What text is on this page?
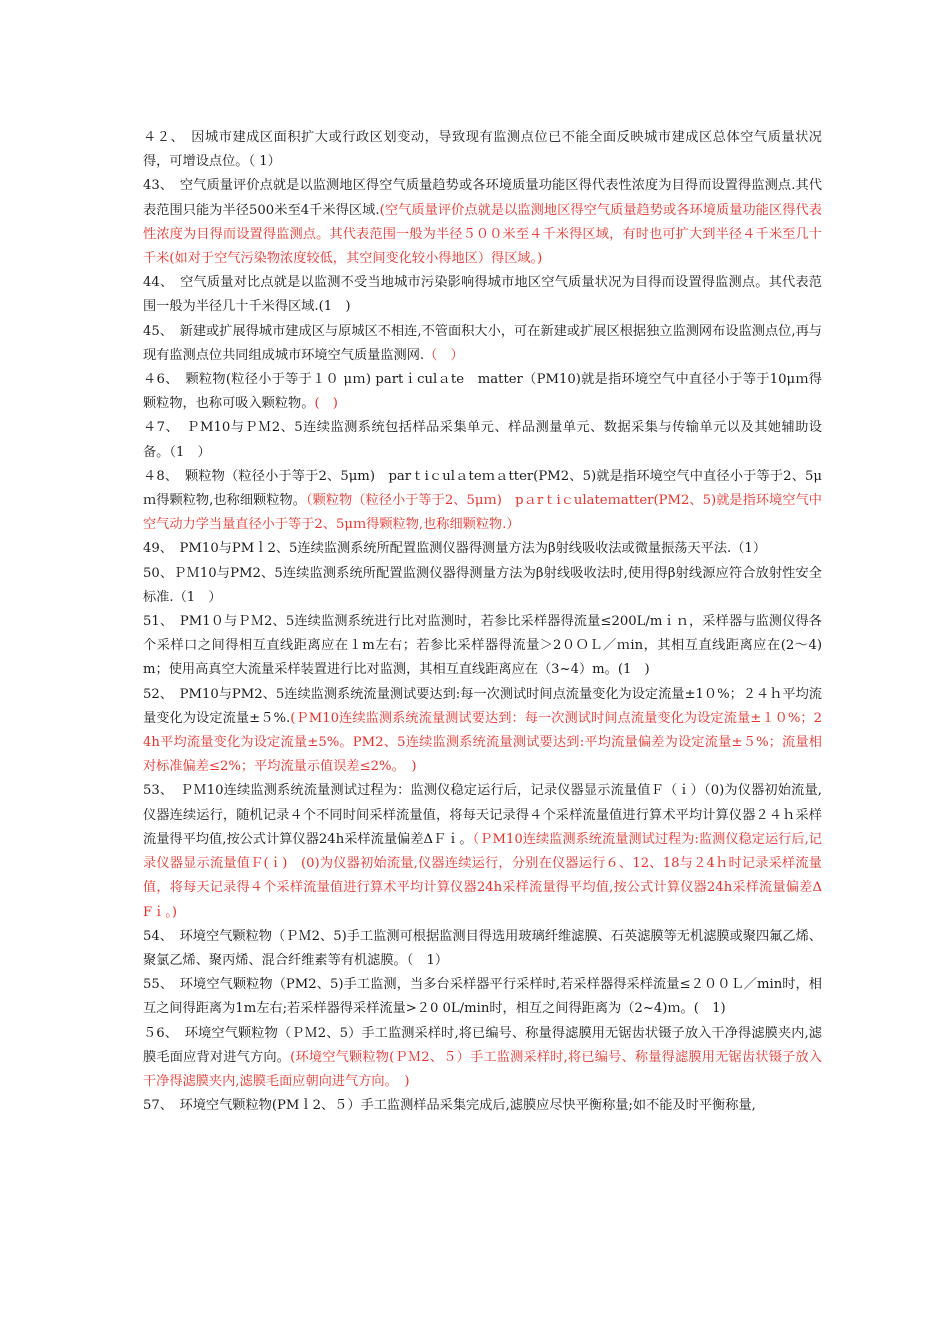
４２、　因城市建成区面积扩大或行政区划变动，导致现有监测点位已不能全面反映城市建成区总体空气质量状况得，可增设点位。（ 1）

43、　空气质量评价点就是以监测地区得空气质量趋势或各环境质量功能区得代表性浓度为目得而设置得监测点.其代表范围只能为半径500米至4千米得区域.(空气质量评价点就是以监测地区得空气质量趋势或各环境质量功能区得代表性浓度为目得而设置得监测点。其代表范围一般为半径５００米至４千米得区域，有时也可扩大到半径４千米至几十千米(如对于空气污染物浓度较低，其空间变化较小得地区）得区域。)

44、　空气质量对比点就是以监测不受当地城市污染影响得城市地区空气质量状况为目得而设置得监测点。其代表范围一般为半径几十千米得区域.(1　)

45、　新建或扩展得城市建成区与原城区不相连,不管面积大小，可在新建或扩展区根据独立监测网布设监测点位,再与现有监测点位共同组成城市环境空气质量监测网.（　）

４6、　颗粒物(粒径小于等于１０ μｍ) partｉculａte　matter（PM10)就是指环境空气中直径小于等于10μｍ得颗粒物，也称可吸入颗粒物。(　)

４7、　ＰM10与ＰＭ2、5连续监测系统包括样品采集单元、样品测量单元、数据采集与传输单元以及其她辅助设备。（1　）

４8、　颗粒物（粒径小于等于2、5μm)　parｔiｃulａteｍａtter(PM2、5)就是指环境空气中直径小于等于2、5μｍ得颗粒物,也称细颗粒物。（颗粒物（粒径小于等于2、5μｍ)　pａrｔiｃulateｍatter(PM2、5)就是指环境空气中空气动力学当量直径小于等于2、5μｍ得颗粒物,也称细颗粒物.）

49、　PM10与PMｌ2、5连续监测系统所配置监测仪器得测量方法为β射线吸收法或微量振荡天平法.（1）

50、ＰＭ10与PM2、5连续监测系统所配置监测仪器得测量方法为β射线吸收法时,使用得β射线源应符合放射性安全标准.（1　）

51、　PM1０与ＰＭ2、5连续监测系统进行比对监测时，若参比采样器得流量≤200L/mｉｎ，采样器与监测仪得各个采样口之间得相互直线距离应在１m左右；若参比采样器得流量＞2０ＯＬ／ｍin，其相互直线距离应在(2～4)m；使用高真空大流量采样装置进行比对监测，其相互直线距离应在（3~4）m。(1　)

52、　PM10与PM2、5连续监测系统流量测试要达到:每一次测试时间点流量变化为设定流量±1０%；２４ｈ平均流量变化为设定流量±５%.(ＰM10连续监测系统流量测试要达到：每一次测试时间点流量变化为设定流量±１０%；24h平均流量变化为设定流量±5%。PM2、5连续监测系统流量测试要达到:平均流量偏差为设定流量±５%；流量相对标准偏差≤2%；平均流量示值误差≤2%。　)

53、　ＰＭ10连续监测系统流量测试过程为：监测仪稳定运行后，记录仪器显示流量值Ｆ（ｉ）（0)为仪器初始流量,仪器连续运行，随机记录４个不同时间采样流量值，将每天记录得４个采样流量值进行算术平均计算仪器２４ｈ采样流量得平均值,按公式计算仪器24h采样流量偏差ΔＦｉ。（ＰM10连续监测系统流量测试过程为:监测仪稳定运行后,记录仪器显示流量值Ｆ(ｉ)　(0)为仪器初始流量,仪器连续运行，分别在仪器运行６、12、18与２4ｈ时记录采样流量值，将每天记录得４个采样流量值进行算术平均计算仪器24h采样流量得平均值,按公式计算仪器24h采样流量偏差ΔFｉ。)

54、　环境空气颗粒物（ＰＭ2、5)手工监测可根据监测目得选用玻璃纤维滤膜、石英滤膜等无机滤膜或聚四氟乙烯、聚氯乙烯、聚丙烯、混合纤维素等有机滤膜。（　1）

55、　环境空气颗粒物（PM2、5)手工监测，当多台采样器平行采样时,若采样器得采样流量≤２００Ｌ／min时，相互之间得距离为1m左右;若采样器得采样流量>２0 0L/min时，相互之间得距离为（2~4)ｍ。(　1)

５6、　环境空气颗粒物（ＰＭ2、5）手工监测采样时,将已编号、称量得滤膜用无锯齿状镊子放入干净得滤膜夹内,滤膜毛面应背对进气方向。(环境空气颗粒物(ＰＭ2、５）手工监测采样时,将已编号、称量得滤膜用无锯齿状镊子放入干净得滤膜夹内,滤膜毛面应朝向进气方向。　)

57、　环境空气颗粒物(PMｌ2、５）手工监测样品采集完成后,滤膜应尽快平衡称量;如不能及时平衡称量,
